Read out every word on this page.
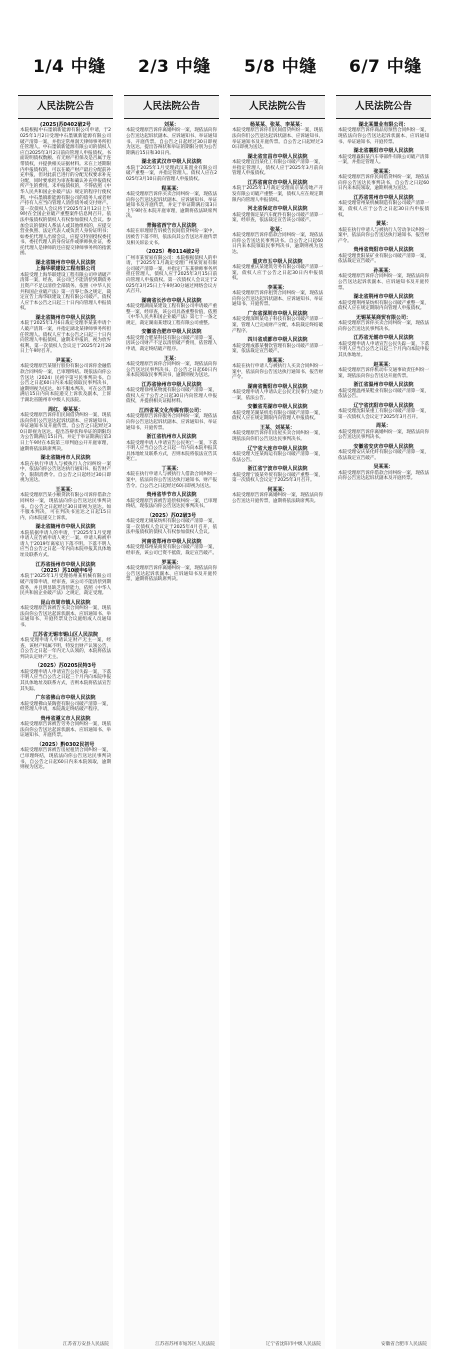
1/4 中缝 2/3 中缝 5/8 中缝 6/7 中缝
人民法院公告
(2025)苏0402破2号
本院根据中石墨镇新能源有限公司申请，于2025年1月2日受理中石墨镇新能源有限公司破产清算一案，并指定常州润天律师事务所担任管理人。中石墨镇新能源有限公司的债权人应自2025年3月2日前向管理人申报债权。书面说明债权数额、有无财产担保及是否属于连带债权，并提供相关证据材料。未在上述期限内申报债权的，可以在破产财产最后分配前补充申报，但对此前已进行的分配无权要求补充分配，同时要承担为审查和确认补充申报债权所产生的费用。未申报债权的，不得依照《中华人民共和国企业破产法》规定的程序行使权利。中石墨镇新能源有限公司的债务人或者财产持有人应当向管理人清偿债务或交付财产。第一次债权人会议将于2025年3月12日上午9时在全国企业破产重整案件信息网召开。依法申报债权的债权人有权参加债权人会议。参加会议的债权人系法人或其他组织的，应提交营业执照、法定代表人或负责人身份证明书；如委托代理人出席会议，应提交特别授权委托书、委托代理人的身份证件或律师执业证，委托代理人是律师的还应提交律师事务所的指派函。
湖北省随州市中级人民法院
上海华联建设工程有限公司
本院受理上海华联建设工程有限公司申请破产清算一案，经查，该公司已不能清偿到期债务且资产不足以清偿全部债务。依照《中华人民共和国企业破产法》第一百零七条之规定，裁定宣告上海华联建设工程有限公司破产。债权人应于本公告之日起三十日内向管理人申报债权。
湖北省随州市中级人民法院
本院于2025年1月6日裁定受理李某某申请个人破产清算一案，并指定湖北某律师事务所担任管理人。债权人应于本公告之日起三十日内向管理人申报债权，逾期未申报的，视为放弃权利。第一次债权人会议定于2025年2月28日上午9时召开。
尹某某：
本院受理原告某银行股份有限公司诉你金融借款合同纠纷一案，已审理终结。现依法向你公告送达（2024）民初字第号民事判决书。自公告之日起60日内来本院领取民事判决书，逾期则视为送达。如不服本判决，可在公告期满后15日内向本院递交上诉状及副本，上诉于湖北省随州市中级人民法院。
周红、秦某某：
本院受理原告诉你们民间借贷纠纷一案，现依法向你们公告送达起诉状副本、应诉通知书、举证通知书及开庭传票。自公告之日起经过30日即视为送达。提出答辩状和举证的期限均为公告期满后15日内。并定于举证期满后第3日上午9时在本院第三审判庭公开开庭审理，逾期将依法缺席判决。
湖北省随州市人民法院
本院在执行申请人与被执行人合同纠纷一案中，依法向你公告送达执行通知书、报告财产令、限制消费令。自公告之日起经过30日即视为送达。
王某某：
本院受理原告某小额贷款有限公司诉你借款合同纠纷一案，现依法向你公告送达民事判决书。自公告之日起经过30日即视为送达。如不服本判决，可在判决书送达之日起15日内，向本院递交上诉状。
湖北省随州市中级人民法院
本院依据申请人的申请，于2025年1月受理申请人宣告被申请人死亡一案。申请人称被申请人于2019年离家后下落不明。下落不明人应当自公告之日起一年内向本院申报其具体地址及联系方式。
江苏省扬州市中级人民法院
（2025）苏10破申6号
本院于2025年1月受理扬州某机械有限公司破产清算申请，经审查，该公司不能清偿到期债务，并且明显缺乏清偿能力，依照《中华人民共和国企业破产法》之规定，裁定受理。
昆山市周市镇人民法院
本院受理原告诉被告买卖合同纠纷一案，现依法向你公告送达起诉状副本、应诉通知书、举证通知书、开庭传票及合议庭组成人员通知书。
江苏省无锡市锡山区人民法院
本院受理申请人申请认定财产无主一案，经查，该财产权属不明，特发出财产认领公告，自公告之日起一年内无人认领的，本院将依法判决认定财产无主。
（2025）苏0205民特3号
本院受理申请人申请宣告公民失踪一案，下落不明人应当自公告之日起三个月内向本院申报其具体地址及联系方式，否则本院将依法宣告其失踪。
广东省佛山市中级人民法院
本院受理佛山某陶瓷有限公司破产清算一案，经管理人申请，本院裁定终结破产程序。
贵州省遵义市人民法院
本院受理原告诉被告劳务合同纠纷一案，现依法向你公告送达起诉状副本、应诉通知书、举证通知书、开庭传票。
（2025）黔0302民初号
本院受理原告诉被告房屋租赁合同纠纷一案，已审理终结，现依法向你公告送达民事判决书，自公告之日起60日内来本院领取，逾期则视为送达。
江苏省万安县人民法院
人民法院公告
刘某：
本院受理原告诉你离婚纠纷一案，现依法向你公告送达起诉状副本、应诉通知书、举证通知书、开庭传票。自公告之日起经过30日即视为送达。提出答辩状和举证的期限分别为公告期满后15日和30日内。
湖北省武汉市中级人民法院
本院于2025年1月受理武汉某置业有限公司破产重整一案，并指定管理人。债权人应在2025年3月10日前向管理人申报债权。
程某某：
本院受理原告诉你买卖合同纠纷一案，现依法向你公告送达起诉状副本、应诉通知书、举证通知书及开庭传票，并定于举证期满后第3日上午9时在本院开庭审理，逾期将依法缺席判决。
青海省西宁市人民法院
本院在审理原告诉被告民间借贷纠纷一案中，因被告下落不明，依法向其公告送达开庭传票及相关诉讼文书。
（2025）粤0114破2号
广州市某贸易有限公司：本院根据债权人的申请，于2025年1月裁定受理广州某贸易有限公司破产清算一案，并指定广东某律师事务所担任管理人。债权人应于2025年3月15日前向管理人申报债权。第一次债权人会议定于2025年3月25日上午9时30分通过网络会议方式召开。
湖南省长沙市中级人民法院
本院受理湖南某建设工程有限公司申请破产重整一案，经审查，该公司具备重整价值，依照《中华人民共和国企业破产法》第七十一条之规定，裁定湖南某建设工程有限公司重整。
安徽省合肥市中级人民法院
本院受理合肥某科技有限公司破产清算一案，因该公司财产不足以清偿破产费用，依管理人申请，裁定终结破产程序。
王某：
本院受理原告诉你合同纠纷一案，现依法向你公告送达民事判决书。自公告之日起60日内来本院领取民事判决书，逾期则视为送达。
江苏省徐州市中级人民法院
本院受理徐州某物流有限公司破产清算一案，债权人应于公告之日起30日内向管理人申报债权，并提供相关证据材料。
江西省某文化传媒有限公司：
本院受理原告诉你服务合同纠纷一案，现依法向你公告送达起诉状副本、应诉通知书、举证通知书、开庭传票。
浙江省杭州市人民法院
本院受理申请人申请宣告公民死亡一案，下落不明人应当自公告之日起一年内向本院申报其具体地址及联系方式，否则本院将依法宣告其死亡。
丁某某：
本院在执行申请人与被执行人借款合同纠纷一案中，依法向你公告送达执行通知书、财产报告令。自公告之日起经过60日即视为送达。
贵州省毕节市人民法院
本院受理原告诉被告追偿权纠纷一案，已审理终结，现依法向你公告送达民事判决书。
（2025）苏02破3号
本院受理无锡某纺织有限公司破产清算一案，第一次债权人会议定于2025年4月召开，依法申报债权的债权人有权参加债权人会议。
河南省郑州市中级人民法院
本院受理郑州某商贸有限公司破产清算一案，经审查，该公司已资不抵债，裁定宣告破产。
罗某某：
本院受理原告诉你离婚纠纷一案，现依法向你公告送达起诉状副本、应诉通知书及开庭传票，逾期将依法缺席判决。
江苏省苏州市姑苏区人民法院
人民法院公告
杨某某、张某、李某某：
本院受理原告诉你们民间借贷纠纷一案，现依法向你们公告送达起诉状副本、应诉通知书、举证通知书及开庭传票。自公告之日起经过30日即视为送达。
湖北省宜昌市中级人民法院
本院受理宜昌某化工有限公司破产清算一案，并指定管理人，债权人应于2025年3月前向管理人申报债权。
江苏省南京市中级人民法院
本院于2025年1月裁定受理南京某房地产开发有限公司破产重整一案，债权人应在规定期限内向管理人申报债权。
河北省保定市中级人民法院
本院受理保定某汽车配件有限公司破产清算一案，经审查，依法裁定宣告该公司破产。
张某：
本院受理原告诉你借款合同纠纷一案，现依法向你公告送达民事判决书。自公告之日起60日内来本院领取民事判决书，逾期则视为送达。
重庆市五中级人民法院
本院受理重庆某建筑劳务有限公司破产清算一案，债权人应于公告之日起30日内申报债权。
李某某：
本院受理原告诉你租赁合同纠纷一案，现依法向你公告送达起诉状副本、应诉通知书、举证通知书、开庭传票。
广东省深圳市中级人民法院
本院受理深圳某电子科技有限公司破产清算一案，管理人已完成财产分配，本院裁定终结破产程序。
四川省成都市中级人民法院
本院受理成都某餐饮管理有限公司破产清算一案，依法裁定宣告破产。
陈某某：
本院在执行申请人与被执行人买卖合同纠纷一案中，依法向你公告送达执行通知书、报告财产令。
湖南省衡阳市中级人民法院
本院受理申请人申请认定公民无民事行为能力一案，依法公告。
安徽省芜湖市中级人民法院
本院受理芜湖某机电有限公司破产清算一案，债权人应在规定期限内向管理人申报债权。
王某、刘某某：
本院受理原告诉你们房屋买卖合同纠纷一案，现依法向你们公告送达民事判决书。
辽宁省大连市中级人民法院
本院受理大连某海运有限公司破产清算一案，依法公告。
浙江省宁波市中级人民法院
本院受理宁波某外贸有限公司破产重整一案，第一次债权人会议定于2025年3月召开。
何某某：
本院受理原告诉你离婚纠纷一案，现依法向你公告送达开庭传票，逾期将依法缺席判决。
辽宁省沈阳市中级人民法院
人民法院公告
湖北某置业有限公司：
本院受理原告诉你商品房预售合同纠纷一案，现依法向你公告送达起诉状副本、应诉通知书、举证通知书、开庭传票。
湖北省襄阳市中级人民法院
本院受理襄阳某汽车零部件有限公司破产清算一案，并指定管理人。
张某某：
本院受理原告诉你民间借贷纠纷一案，现依法向你公告送达民事判决书，自公告之日起60日内来本院领取，逾期则视为送达。
江苏省常州市中级人民法院
本院受理常州某机械制造有限公司破产清算一案，债权人应于公告之日起30日内申报债权。
黄某：
本院在执行申请人与被执行人劳动争议纠纷一案中，依法向你公告送达执行通知书、报告财产令。
贵州省贵阳市中级人民法院
本院受理贵阳某矿业有限公司破产清算一案，依法裁定宣告破产。
孙某某：
本院受理原告诉你合同纠纷一案，现依法向你公告送达起诉状副本、应诉通知书及开庭传票。
湖北省荆州市中级人民法院
本院受理荆州某纺织有限公司破产重整一案，债权人应在规定期限内向管理人申报债权。
无锡某某商贸有限公司：
本院受理原告诉你买卖合同纠纷一案，现依法向你公告送达民事判决书。
江苏省无锡市中级人民法院
本院受理申请人申请宣告公民失踪一案，下落不明人应当自公告之日起三个月内向本院申报其具体地址。
赵某某：
本院受理原告诉你机动车交通事故责任纠纷一案，现依法向你公告送达开庭传票。
浙江省温州市中级人民法院
本院受理温州某鞋业有限公司破产清算一案，依法公告。
辽宁省沈阳市中级人民法院
本院受理沈阳某重工有限公司破产清算一案，第一次债权人会议定于2025年3月召开。
周某：
本院受理原告诉你离婚纠纷一案，现依法向你公告送达民事判决书。
安徽省安庆市中级人民法院
本院受理安庆某化纤有限公司破产清算一案，依法裁定宣告破产。
吴某某：
本院受理原告诉你借款合同纠纷一案，现依法向你公告送达起诉状副本及开庭传票。
安徽省合肥市人民法院
